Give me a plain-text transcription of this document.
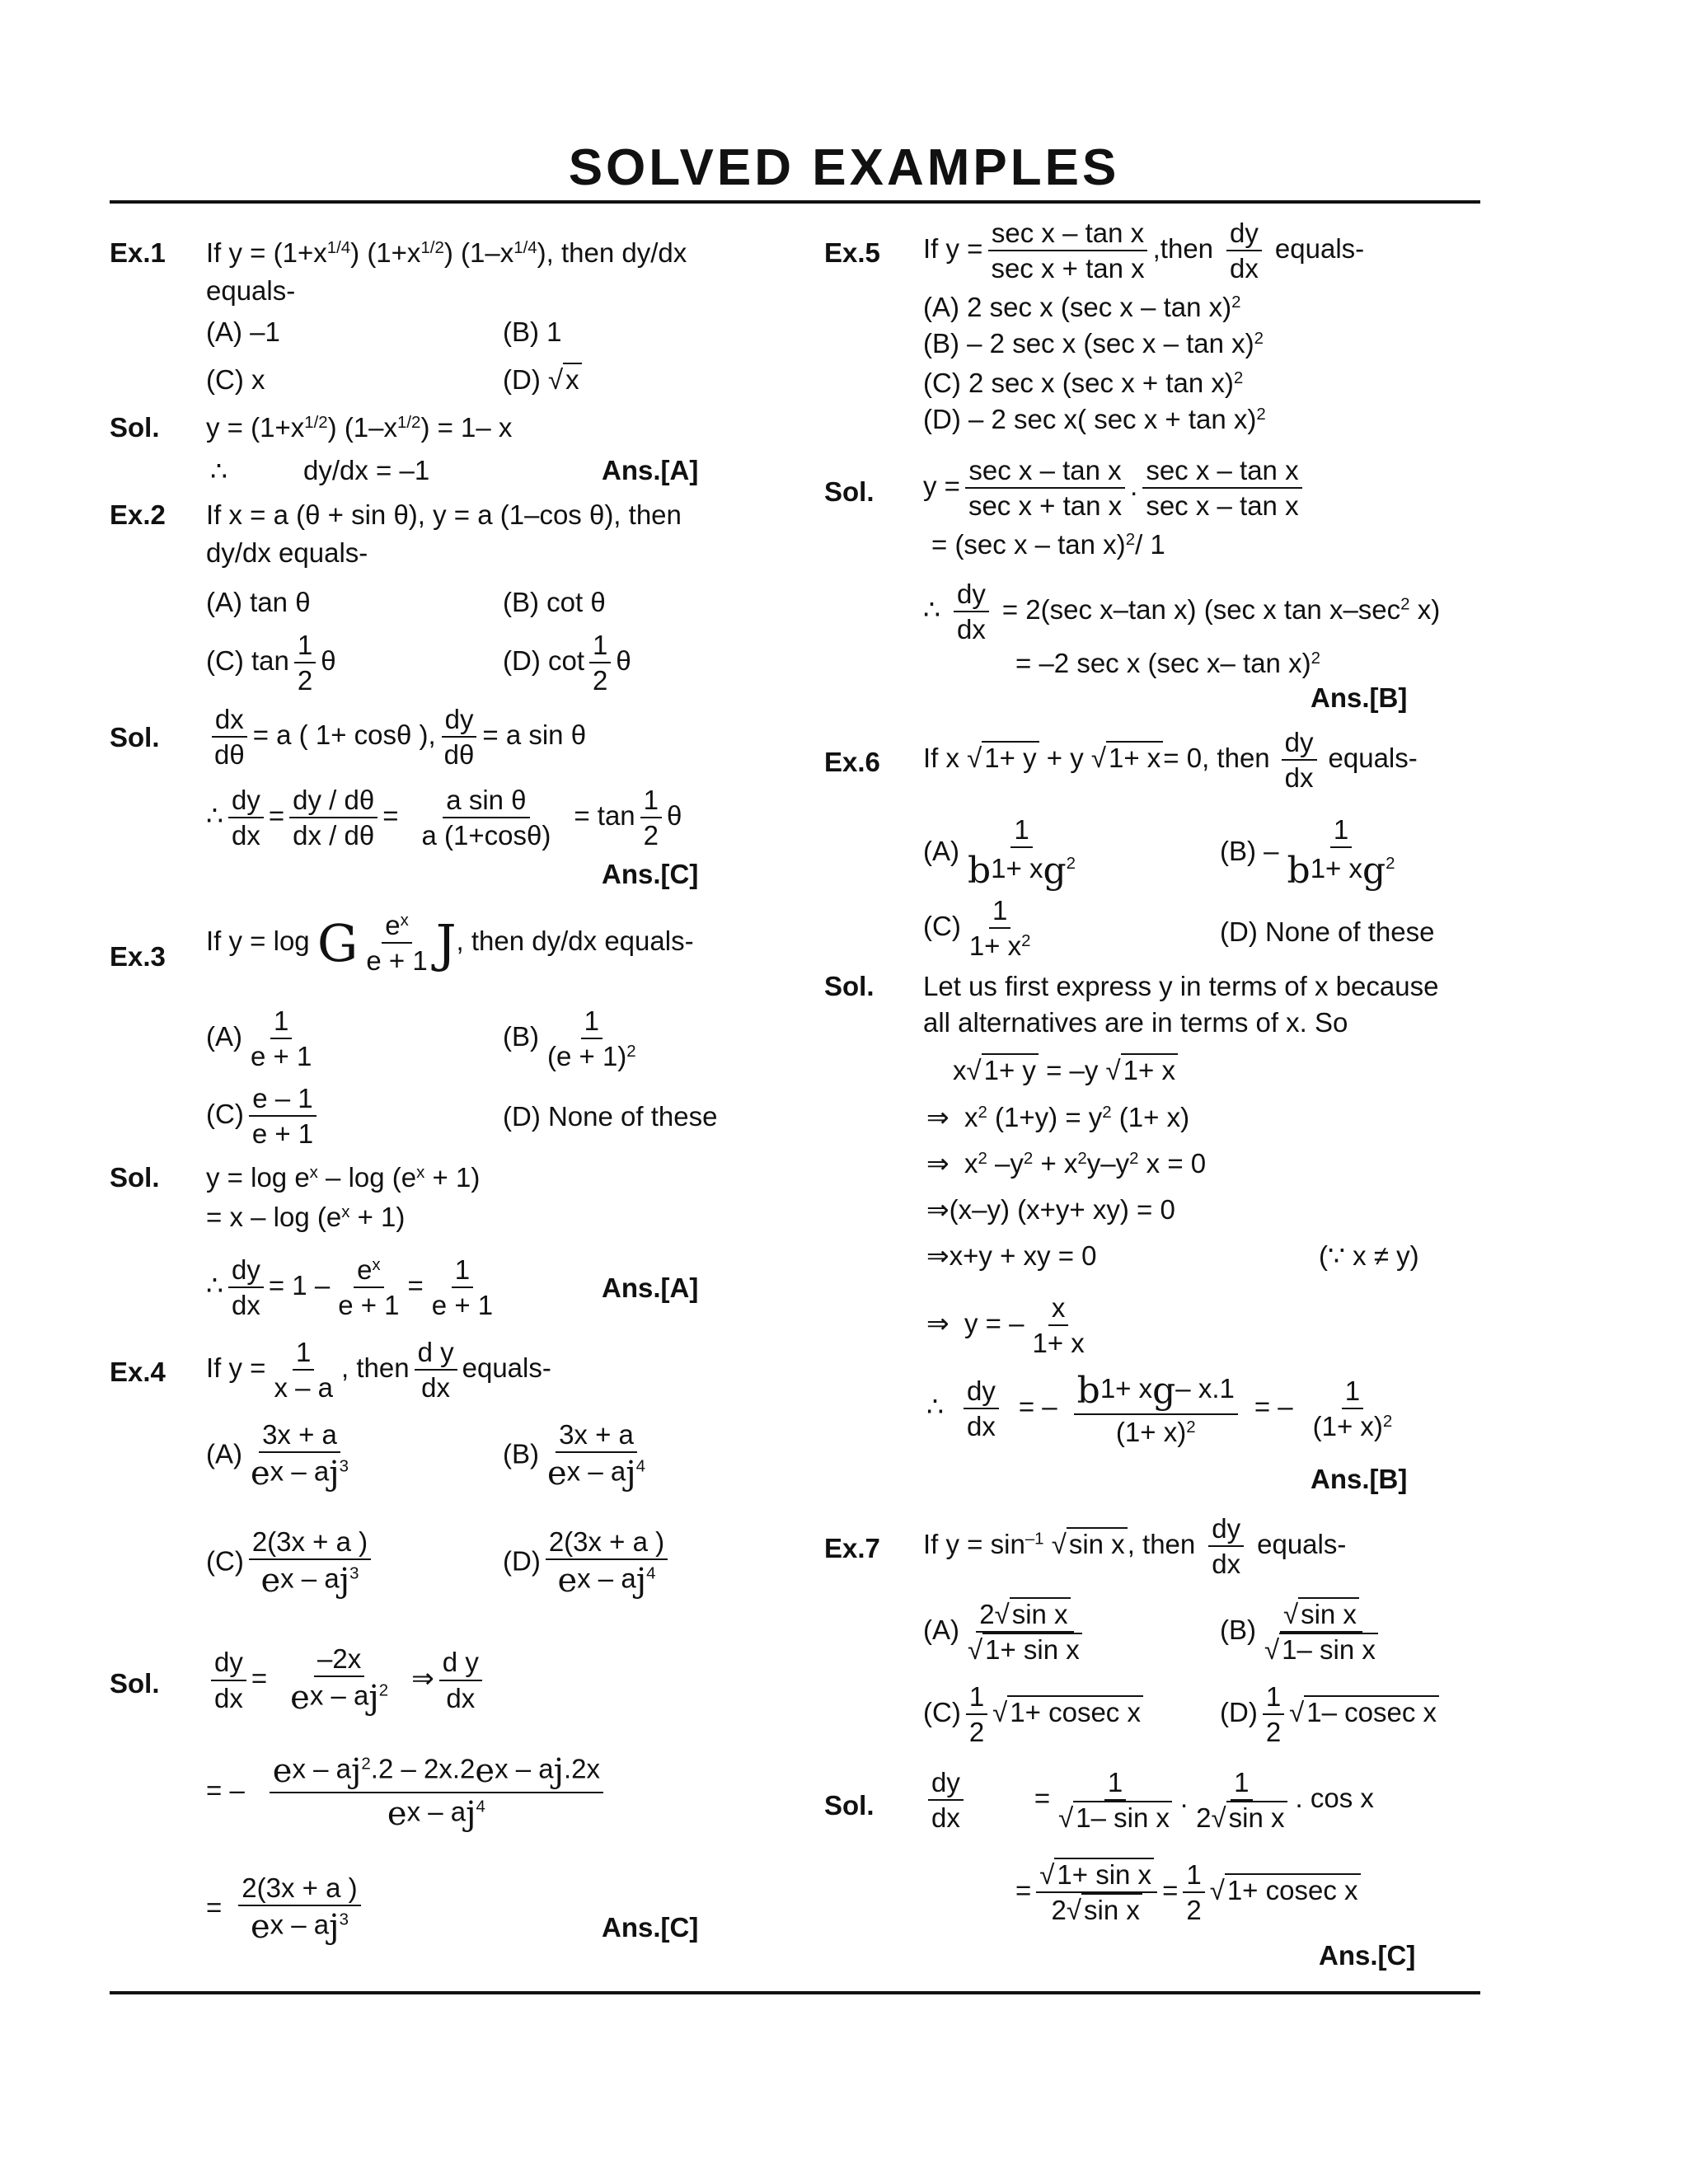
SOLVED EXAMPLES
Ex.1 If $y = (1+x^{1/4})$ $(1+x^{1/2})$ $(1-x^{1/4})$, then dy/dx
equals-
(A) –1	(B) 1
(C) x	(D) √x
Sol. $y = (1+x^{1/2}) (1-x^{1/2}) = 1-$ x
∴	dy/dx = –1	Ans.[A]
Ex.2 If x = a (θ + sin θ), y = a (1–cos θ), then
dy/dx equals-
(A) tan θ	(B) cot θ
(C) $\tan \frac{1}{2}$ θ	(D) $\cot \frac{1}{2}$ θ
Sol. $\frac{dx}{d\theta} = a$ ( 1+ cosθ ), $\frac{dy}{d\theta} = a$ sin θ
∴ $\frac{dy}{dx} = \frac{dy / d\theta}{dx / d\theta} = \frac{\text{a sin θ}}{a (1+\cos\theta)} = \tan \frac{1}{2}$ θ
Ans.[C]
Ex.3
If y = log G $\frac{e^x}{e + 1} J$, then dy/dx equals-
$(A) \frac{1}{e + 1}$	$(B) \frac{1}{(e + 1)^2}$
$(C) \frac{e - 1}{e + 1}$	(D) None of these
Sol. $y = \log e^x - \log (e^x + 1)$
= $x - \log (e^x + 1)$
∴ $\frac{dy}{dx} = 1 - \frac{e^x}{e + 1} = \frac{1}{e + 1}$	Ans.[A]
Ex.4 If $y = \frac{1}{x - a}$ , then $\frac{\text{d y}}{dx}$ equals-
$(A) \frac{3x + a}{ex - aj^3}$	$(B) \frac{3x + a}{ex - aj^4}$
$(C) \frac{2(3x + a )}{ex - aj^3}$	$(D) \frac{2(3x + a )}{ex - aj^4}$
Sol. $\frac{dy}{dx} = \frac{-2x}{ex - aj^2}$ ⇒ $\frac{\text{d y}}{dx}$
= – $\frac{ex - aj^2.2 - 2x.2ex - aj.2x}{ex - aj^4}$
= $\frac{2(3x + a )}{ex - aj^3}$	Ans.[C]
Ex.5 If $y = \frac{\text{sec x – tan x}}{\text{sec x + tan x}}$ ,then $\frac{dy}{dx}$ equals-
(A) 2 sec x (sec x – tan x)$^2$
(B) – 2 sec x (sec x – tan x)$^2$
(C) 2 sec x (sec x + tan x)$^2$
(D) – 2 sec x( sec x + tan x)$^2$
Sol. $y = \frac{\text{sec x – tan x}}{\text{sec x + tan x}}$ . $\frac{\text{sec x – tan x}}{\text{sec x – tan x}}$
= (sec x – tan x)$^2$/ 1
∴ $\frac{dy}{dx} = 2(\sec$ x–tan x) (sec x $\tan x-\sec^2$ x)
= –2 sec x (sec x– tan x)$^2$
Ans.[B]
Ex.6 If x √1+ y + y √1+ x= 0, then $\frac{dy}{dx}$ equals-
$(A) \frac{1}{b1+ xg^2}$	$(B) - \frac{1}{b1+ xg^2}$
$(C) \frac{1}{1+ x^2}$	(D) None of these
Sol. Let us first express y in terms of x because
all alternatives are in terms of x. So
x√1+ y = –y √1+ x
⇒ $x^2$ $(1+y) = y^2$ (1+ x)
⇒ $x^2$ $-y^2 + x^2y-y^2$ x = 0
⇒(x–y) (x+y+ xy) = 0
⇒x+y + xy = 0	(∵ x ≠ y)
⇒ y = – $\frac{x}{1+ x}$
∴ $\frac{dy}{dx}$ = – $\frac{b1+ xg- x.1}{(1+ x)^2}$ = – $\frac{1}{(1+ x)^2}$
Ans.[B]
Ex.7 If $y = \sin^{-1} √\sin$ x, then $\frac{dy}{dx}$ equals-
$(A) \frac{\text{2√sin x}}{\text{√1+ sin x}}$	$(B) \frac{\text{√sin x}}{\text{√1– sin x}}$
$(C) \frac{1}{2} √1+ cosec$ x	$(D) \frac{1}{2} √1-$ cosec x
Sol. $\frac{dy}{dx}$	= $\frac{1}{\text{√1– sin x}}$ . $\frac{1}{\text{2√sin x}}$ . cos x
= $\frac{\text{√1+ sin x}}{\text{2√sin x}} = \frac{1}{2} √1+ cosec$ x
Ans.[C]
